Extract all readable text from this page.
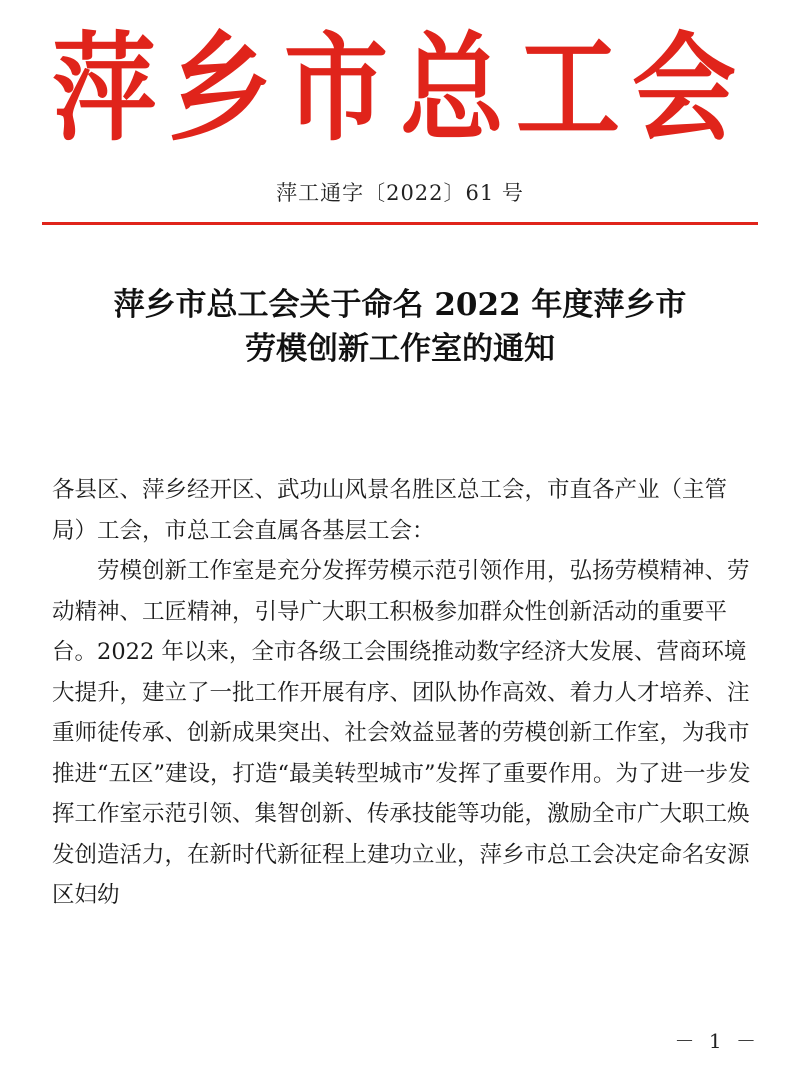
萍乡市总工会
萍工通字〔2022〕61 号
萍乡市总工会关于命名 2022 年度萍乡市
劳模创新工作室的通知

各县区、萍乡经开区、武功山风景名胜区总工会，市直各产业（主管局）工会，市总工会直属各基层工会：

劳模创新工作室是充分发挥劳模示范引领作用，弘扬劳模精神、劳动精神、工匠精神，引导广大职工积极参加群众性创新活动的重要平台。2022 年以来，全市各级工会围绕推动数字经济大发展、营商环境大提升，建立了一批工作开展有序、团队协作高效、着力人才培养、注重师徒传承、创新成果突出、社会效益显著的劳模创新工作室，为我市推进“五区”建设，打造“最美转型城市”发挥了重要作用。为了进一步发挥工作室示范引领、集智创新、传承技能等功能，激励全市广大职工焕发创造活力，在新时代新征程上建功立业，萍乡市总工会决定命名安源区妇幼

－ 1 －
